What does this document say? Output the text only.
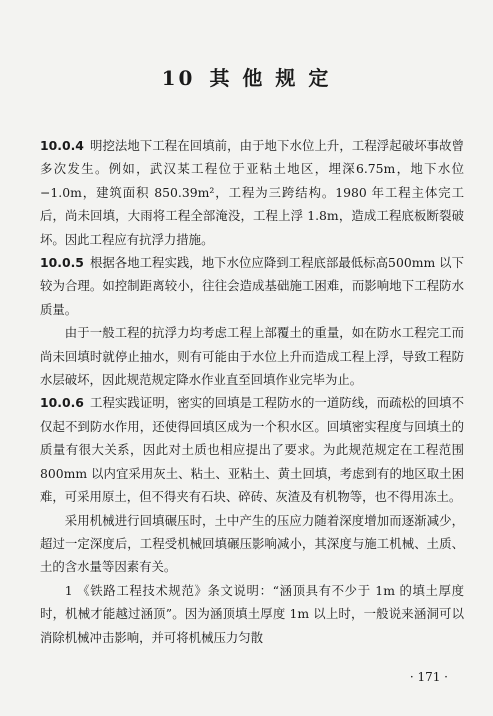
10 其 他 规 定

10.0.4 明挖法地下工程在回填前，由于地下水位上升，工程浮起破坏事故曾多次发生。例如，武汉某工程位于亚粘土地区，埋深6.75m，地下水位−1.0m，建筑面积 850.39m²，工程为三跨结构。1980 年工程主体完工后，尚未回填，大雨将工程全部淹没，工程上浮 1.8m，造成工程底板断裂破坏。因此工程应有抗浮力措施。

10.0.5 根据各地工程实践，地下水位应降到工程底部最低标高500mm 以下较为合理。如控制距离较小，往往会造成基础施工困难，而影响地下工程防水质量。

由于一般工程的抗浮力均考虑工程上部覆土的重量，如在防水工程完工而尚未回填时就停止抽水，则有可能由于水位上升而造成工程上浮，导致工程防水层破坏，因此规范规定降水作业直至回填作业完毕为止。

10.0.6 工程实践证明，密实的回填是工程防水的一道防线，而疏松的回填不仅起不到防水作用，还使得回填区成为一个积水区。回填密实程度与回填土的质量有很大关系，因此对土质也相应提出了要求。为此规范规定在工程范围 800mm 以内宜采用灰土、粘土、亚粘土、黄土回填，考虑到有的地区取土困难，可采用原土，但不得夹有石块、碎砖、灰渣及有机物等，也不得用冻土。

采用机械进行回填碾压时，土中产生的压应力随着深度增加而逐渐减少，超过一定深度后，工程受机械回填碾压影响减小，其深度与施工机械、土质、土的含水量等因素有关。

1 《铁路工程技术规范》条文说明：“涵顶具有不少于 1m 的填土厚度时，机械才能越过涵顶”。因为涵顶填土厚度 1m 以上时，一般说来涵洞可以消除机械冲击影响，并可将机械压力匀散

· 171 ·
